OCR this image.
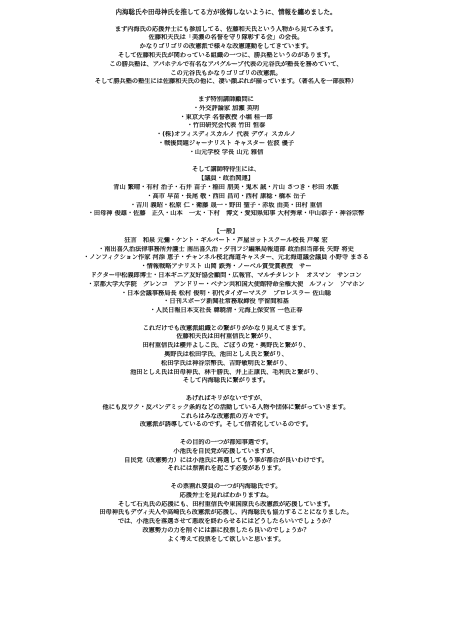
内海聡氏や田母神氏を推してる方が後悔しないように、情報を纏めました。
まず内海氏の応援弁士にも参加してる、佐藤和夫氏という人物から見てみます。
佐藤和夫氏は「美濃の名誉を守り隊彰する会」の会長。
かなりゴリゴリの改憲派で様々な改憲運動をしてきています。
そして佐藤和夫氏が関わっている組織の一つに、勝兵塾というのがあります。
この勝兵塾は、アパホテルで有名なアパグループ代表の元谷氏が塾長を務めていて、
この元谷氏もかなりゴリゴリの改憲派。
そして勝兵塾の塾生には佐藤和夫氏の他に、凄い顔ぶれが揃っています。（著名人を一部抜粋）
まず特別講師顧問に
・外交評論家 加瀬 英明
・東京大学 名誉教授 小堀 桂一郎
・竹田研究会代表 竹田 恒泰
・(株)オフィスディスカルノ 代表 デヴィ スカルノ
・戦後問題ジャーナリスト キャスター 佐波 優子
・山元学校 学長 山元 雅信
そして講師特待生には、
【議員・政治関連】
青山 繁晴・有村 治子・石井 苗子・稲田 朋美・鬼木 誠・片山 さつき・杉田 水脈
・高市 早苗・長尾 敬・西田 昌司・西村 康稔・橋本 岳子
・吉川 義昭・松原 仁・衛藤 晟一・野田 聖子・赤坂 由美・田村 重信
・田母神 俊雄・佐藤　正久・山本　一太・下村　博文・愛知県知事 大村秀章・中山恭子・神谷宗幣
【一般】
狂言　和泉 元彌・ケント・ギルバート・芦屋ヨットスクール校長 戸塚 宏
・南出喜久治法律事務所弁護士 南出喜久治・夕刊フジ編集局報道部 政治担当部長 矢野 将史
・ノンフィクション作家 河添 恵子・チャンネル桜北海道キャスター、元北海道議会議員 小野寺 まさる
・情報戦略アナリスト 山岡 鉄秀・ノーベル賞受賞教授　サー
ドクター中松義郎博士・日本ギニア友好協会顧問・広報官、マルチタレント　オスマン　サンコン
・京都大学大学院　グレンコ　アンドリー・ベナン共和国大使館特命全権大使　ルフィン　ゾマホン
・日本会議事務局長 松村 俊明・初代タイガーマスク　プロレスラー 佐山聡
・日刊スポーツ新聞社常務取締役 宇留間和基
・人民日報日本支社長 韓暁清・元海上保安官 一色正春
これだけでも改憲派組織との繋がりがかなり見えてきます。
佐藤和夫氏は田村重信氏と繋がり、
田村重信氏は櫻井よしこ氏、ごぼうの党・奥野氏と繋がり、
奥野氏は松田学氏、池田としえ氏と繋がり、
松田学氏は神谷宗幣氏、吉野敏明氏と繋がり、
池田としえ氏は田母神氏、林千勝氏、井上正康氏、毛利氏と繋がり、
そして内海聡氏に繋がります。
あげればキリがないですが、
他にも反ワク・反パンデミック条約などの活動している人物や団体に繋がっていきます。
これらはみな改憲派の方々です。
改憲派が誘導しているのです。そして信者化しているのです。
その目的の一つが都知事選です。
小池氏を自民党が応援していますが、
自民党（改憲勢力）には小池氏に再選してもう事が都合が良いわけです。
それには票割れを起こす必要があります。
その票割れ要員の一つが内海聡氏です。
応援弁士を見ればわかりますね。
そして石丸氏の応援にも、田村重信氏や東国原氏ら改憲派が応援しています。
田母神氏もデヴィ夫人や高崎氏ら改憲派が応援し、内海聡氏も協力することになりました。
では、小池氏を落選させて悪政を終わらせるにはどうしたらいいでしょうか？
改憲勢力の力を削ぐには誰に投票したら良いのでしょうか？
よく考えて投票をして欲しいと思います。
